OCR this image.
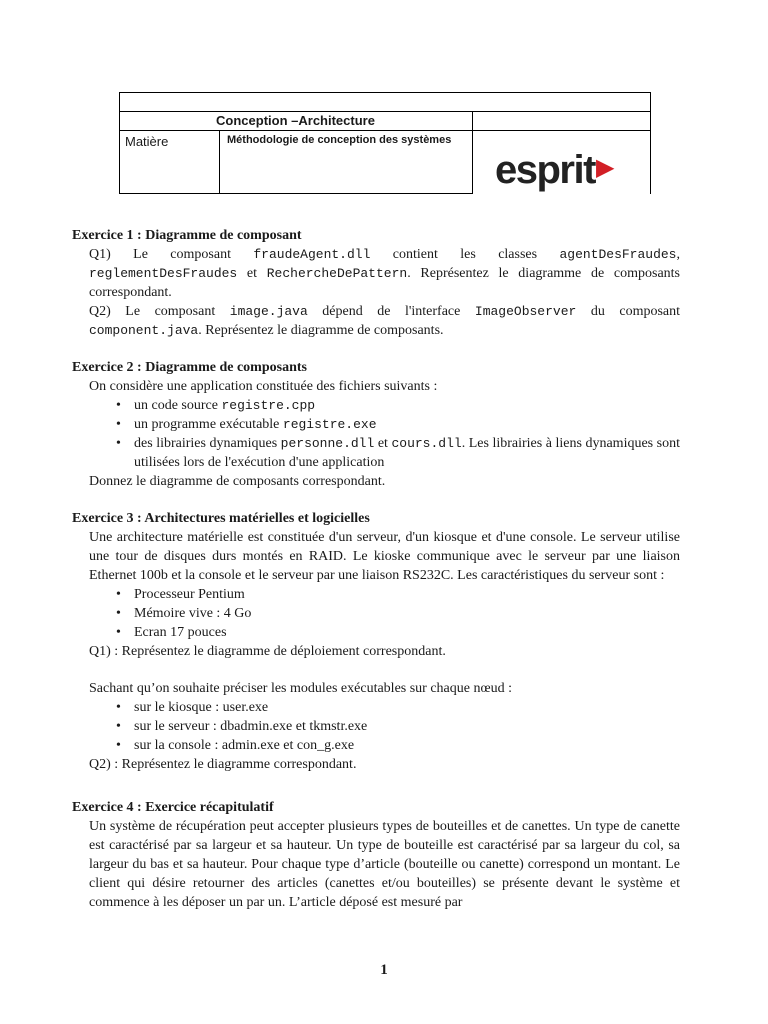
Conception –Architecture
Matière	Méthodologie de conception des systèmes
esprit▶

Exercice 1 : Diagramme de composant

Q1) Le composant fraudeAgent.dll contient les classes agentDesFraudes, reglementDesFraudes et RechercheDePattern. Représentez le diagramme de composants correspondant.

Q2) Le composant image.java dépend de l'interface ImageObserver du composant component.java. Représentez le diagramme de composants.

Exercice 2 : Diagramme de composants

On considère une application constituée des fichiers suivants :

• un code source registre.cpp
• un programme exécutable registre.exe
• des librairies dynamiques personne.dll et cours.dll. Les librairies à liens dynamiques sont utilisées lors de l'exécution d'une application

Donnez le diagramme de composants correspondant.

Exercice 3 : Architectures matérielles et logicielles

Une architecture matérielle est constituée d'un serveur, d'un kiosque et d'une console. Le serveur utilise une tour de disques durs montés en RAID. Le kioske communique avec le serveur par une liaison Ethernet 100b et la console et le serveur par une liaison RS232C. Les caractéristiques du serveur sont :

• Processeur Pentium
• Mémoire vive : 4 Go
• Ecran 17 pouces

Q1) : Représentez le diagramme de déploiement correspondant.

Sachant qu’on souhaite préciser les modules exécutables sur chaque nœud :

• sur le kiosque : user.exe
• sur le serveur : dbadmin.exe et tkmstr.exe
• sur la console : admin.exe et con_g.exe

Q2) : Représentez le diagramme correspondant.

Exercice 4 : Exercice récapitulatif

Un système de récupération peut accepter plusieurs types de bouteilles et de canettes. Un type de canette est caractérisé par sa largeur et sa hauteur. Un type de bouteille est caractérisé par sa largeur du col, sa largeur du bas et sa hauteur. Pour chaque type d’article (bouteille ou canette) correspond un montant. Le client qui désire retourner des articles (canettes et/ou bouteilles) se présente devant le système et commence à les déposer un par un. L’article déposé est mesuré par

1
